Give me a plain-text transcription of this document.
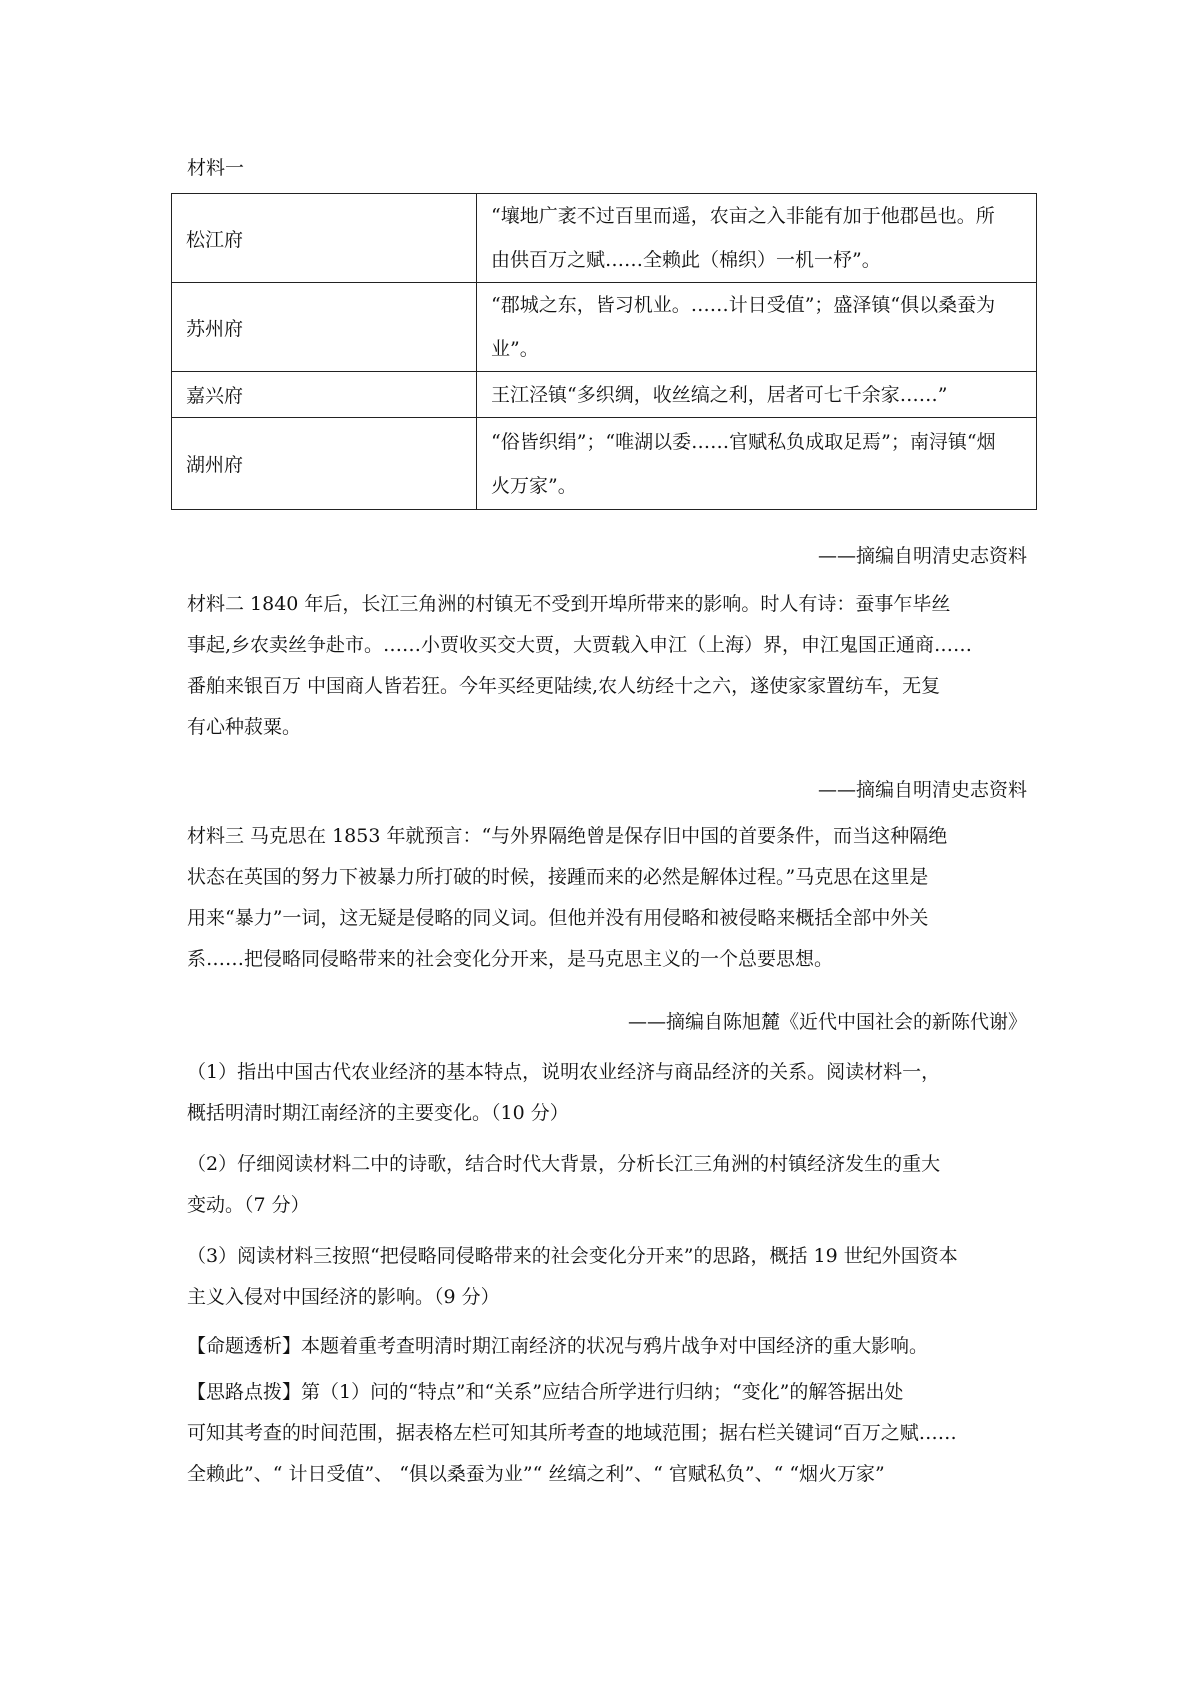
材料一
松江府	“壤地广袤不过百里而遥，农亩之入非能有加于他郡邑也。所
由供百万之赋……全赖此（棉织）一机一杼”。

苏州府	“郡城之东，皆习机业。……计日受值”；盛泽镇“俱以桑蚕为
业”。

嘉兴府	王江泾镇“多织绸，收丝缟之利，居者可七千余家……”

湖州府	“俗皆织绢”；“唯湖以委……官赋私负成取足焉”；南浔镇“烟
火万家”。
——摘编自明清史志资料
材料二 1840 年后，长江三角洲的村镇无不受到开埠所带来的影响。时人有诗：蚕事乍毕丝
事起,乡农卖丝争赴市。……小贾收买交大贾，大贾载入申江（上海）界，申江鬼国正通商……
番舶来银百万 中国商人皆若狂。今年买经更陆续,农人纺经十之六，遂使家家置纺车，无复
有心种菽粟。
——摘编自明清史志资料
材料三 马克思在 1853 年就预言：“与外界隔绝曾是保存旧中国的首要条件，而当这种隔绝
状态在英国的努力下被暴力所打破的时候，接踵而来的必然是解体过程。”马克思在这里是
用来“暴力”一词，这无疑是侵略的同义词。但他并没有用侵略和被侵略来概括全部中外关
系……把侵略同侵略带来的社会变化分开来，是马克思主义的一个总要思想。
——摘编自陈旭麓《近代中国社会的新陈代谢》
（1）指出中国古代农业经济的基本特点，说明农业经济与商品经济的关系。阅读材料一，
概括明清时期江南经济的主要变化。（10 分）
（2）仔细阅读材料二中的诗歌，结合时代大背景，分析长江三角洲的村镇经济发生的重大
变动。（7 分）
（3）阅读材料三按照“把侵略同侵略带来的社会变化分开来”的思路，概括 19 世纪外国资本
主义入侵对中国经济的影响。（9 分）
【命题透析】本题着重考查明清时期江南经济的状况与鸦片战争对中国经济的重大影响。
【思路点拨】第（1）问的“特点”和“关系”应结合所学进行归纳；“变化”的解答据出处
可知其考查的时间范围，据表格左栏可知其所考查的地域范围；据右栏关键词“百万之赋……
全赖此”、“ 计日受值”、 “俱以桑蚕为业”“ 丝缟之利”、“ 官赋私负”、“ “烟火万家”
